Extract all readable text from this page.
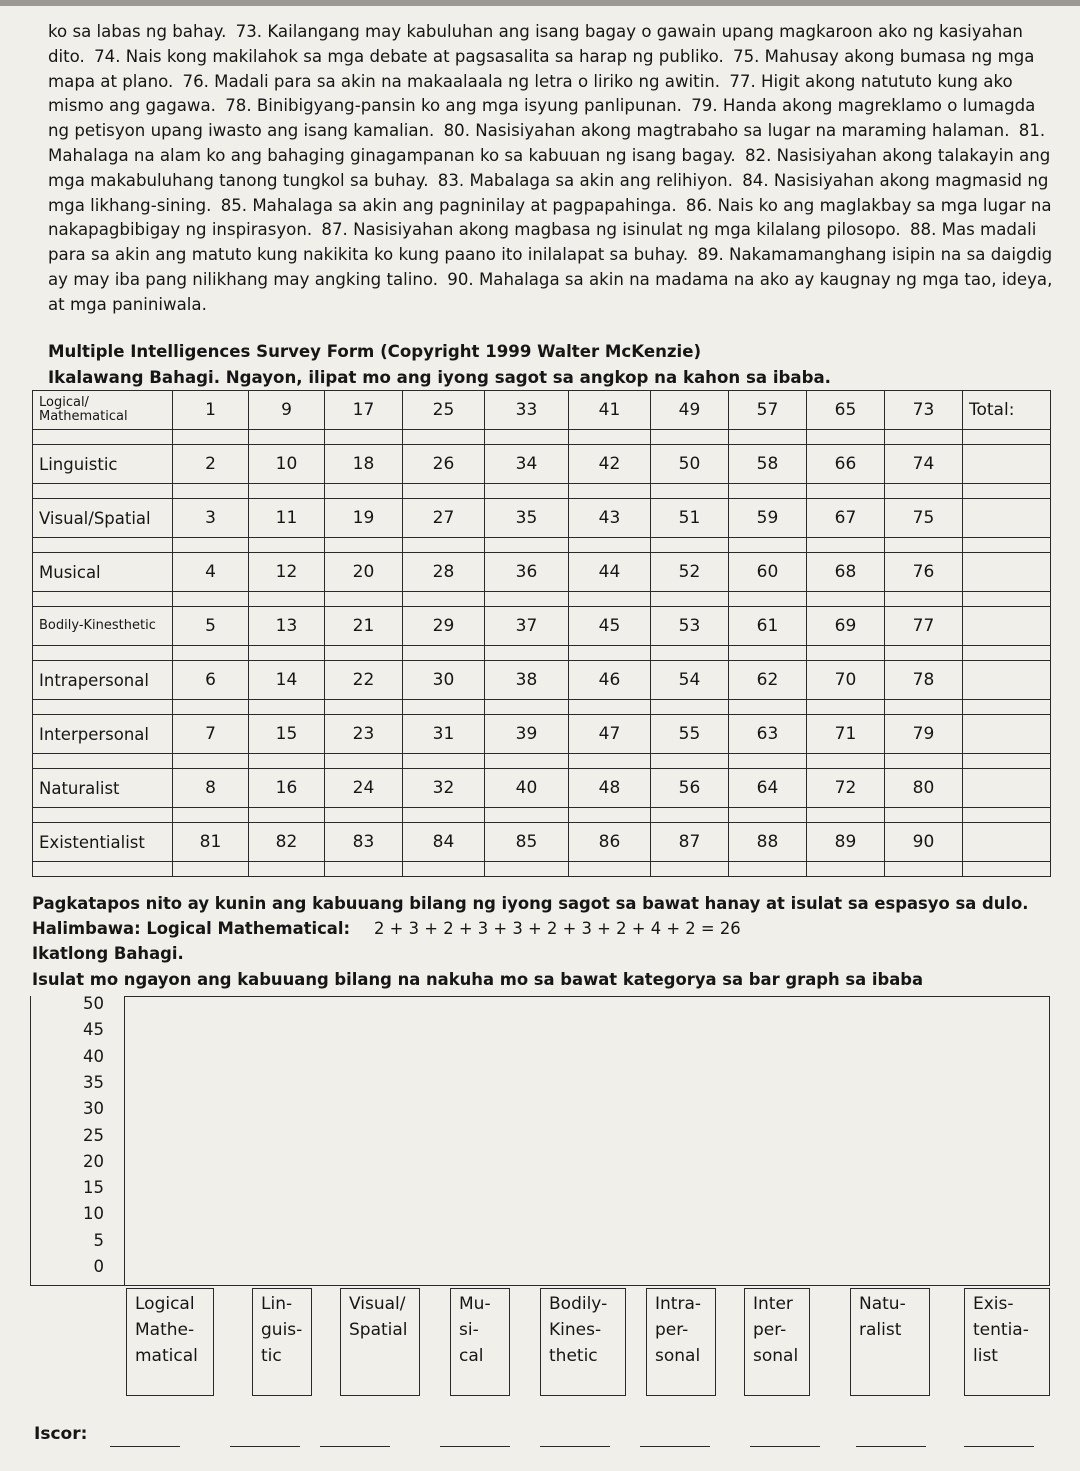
ko sa labas ng bahay. 73. Kailangang may kabuluhan ang isang bagay o gawain upang magkaroon ako ng kasiyahan dito. 74. Nais kong makilahok sa mga debate at pagsasalita sa harap ng publiko. 75. Mahusay akong bumasa ng mga mapa at plano. 76. Madali para sa akin na makaalaala ng letra o liriko ng awitin. 77. Higit akong natututo kung ako mismo ang gagawa. 78. Binibigyang-pansin ko ang mga isyung panlipunan. 79. Handa akong magreklamo o lumagda ng petisyon upang iwasto ang isang kamalian. 80. Nasisiyahan akong magtrabaho sa lugar na maraming halaman. 81. Mahalaga na alam ko ang bahaging ginagampanan ko sa kabuuan ng isang bagay. 82. Nasisiyahan akong talakayin ang mga makabuluhang tanong tungkol sa buhay. 83. Mabalaga sa akin ang relihiyon. 84. Nasisiyahan akong magmasid ng mga likhang-sining. 85. Mahalaga sa akin ang pagninilay at pagpapahinga. 86. Nais ko ang maglakbay sa mga lugar na nakapagbibigay ng inspirasyon. 87. Nasisiyahan akong magbasa ng isinulat ng mga kilalang pilosopo. 88. Mas madali para sa akin ang matuto kung nakikita ko kung paano ito inilalapat sa buhay. 89. Nakamamanghang isipin na sa daigdig ay may iba pang nilikhang may angking talino. 90. Mahalaga sa akin na madama na ako ay kaugnay ng mga tao, ideya, at mga paniniwala.
Multiple Intelligences Survey Form (Copyright 1999 Walter McKenzie)
Ikalawang Bahagi. Ngayon, ilipat mo ang iyong sagot sa angkop na kahon sa ibaba.
Logical/
Mathematical	1	9	17	25	33	41	49	57	65	73	Total:

Linguistic	2	10	18	26	34	42	50	58	66	74	

Visual/Spatial	3	11	19	27	35	43	51	59	67	75	

Musical	4	12	20	28	36	44	52	60	68	76	

Bodily-Kinesthetic	5	13	21	29	37	45	53	61	69	77	

Intrapersonal	6	14	22	30	38	46	54	62	70	78	

Interpersonal	7	15	23	31	39	47	55	63	71	79	

Naturalist	8	16	24	32	40	48	56	64	72	80	

Existentialist	81	82	83	84	85	86	87	88	89	90	

Pagkatapos nito ay kunin ang kabuuang bilang ng iyong sagot sa bawat hanay at isulat sa espasyo sa dulo.
Halimbawa: Logical Mathematical: 2 + 3 + 2 + 3 + 3 + 2 + 3 + 2 + 4 + 2 = 26
Ikatlong Bahagi.
Isulat mo ngayon ang kabuuang bilang na nakuha mo sa bawat kategorya sa bar graph sa ibaba
50
45
40
35
30
25
20
15
10
5
0
Logical
Mathe-
matical
Lin-
guis-
tic
Visual/
Spatial
Mu-
si-
cal
Bodily-
Kines-
thetic
Intra-
per-
sonal
Inter
per-
sonal
Natu-
ralist
Exis-
tentia-
list
Iscor:
